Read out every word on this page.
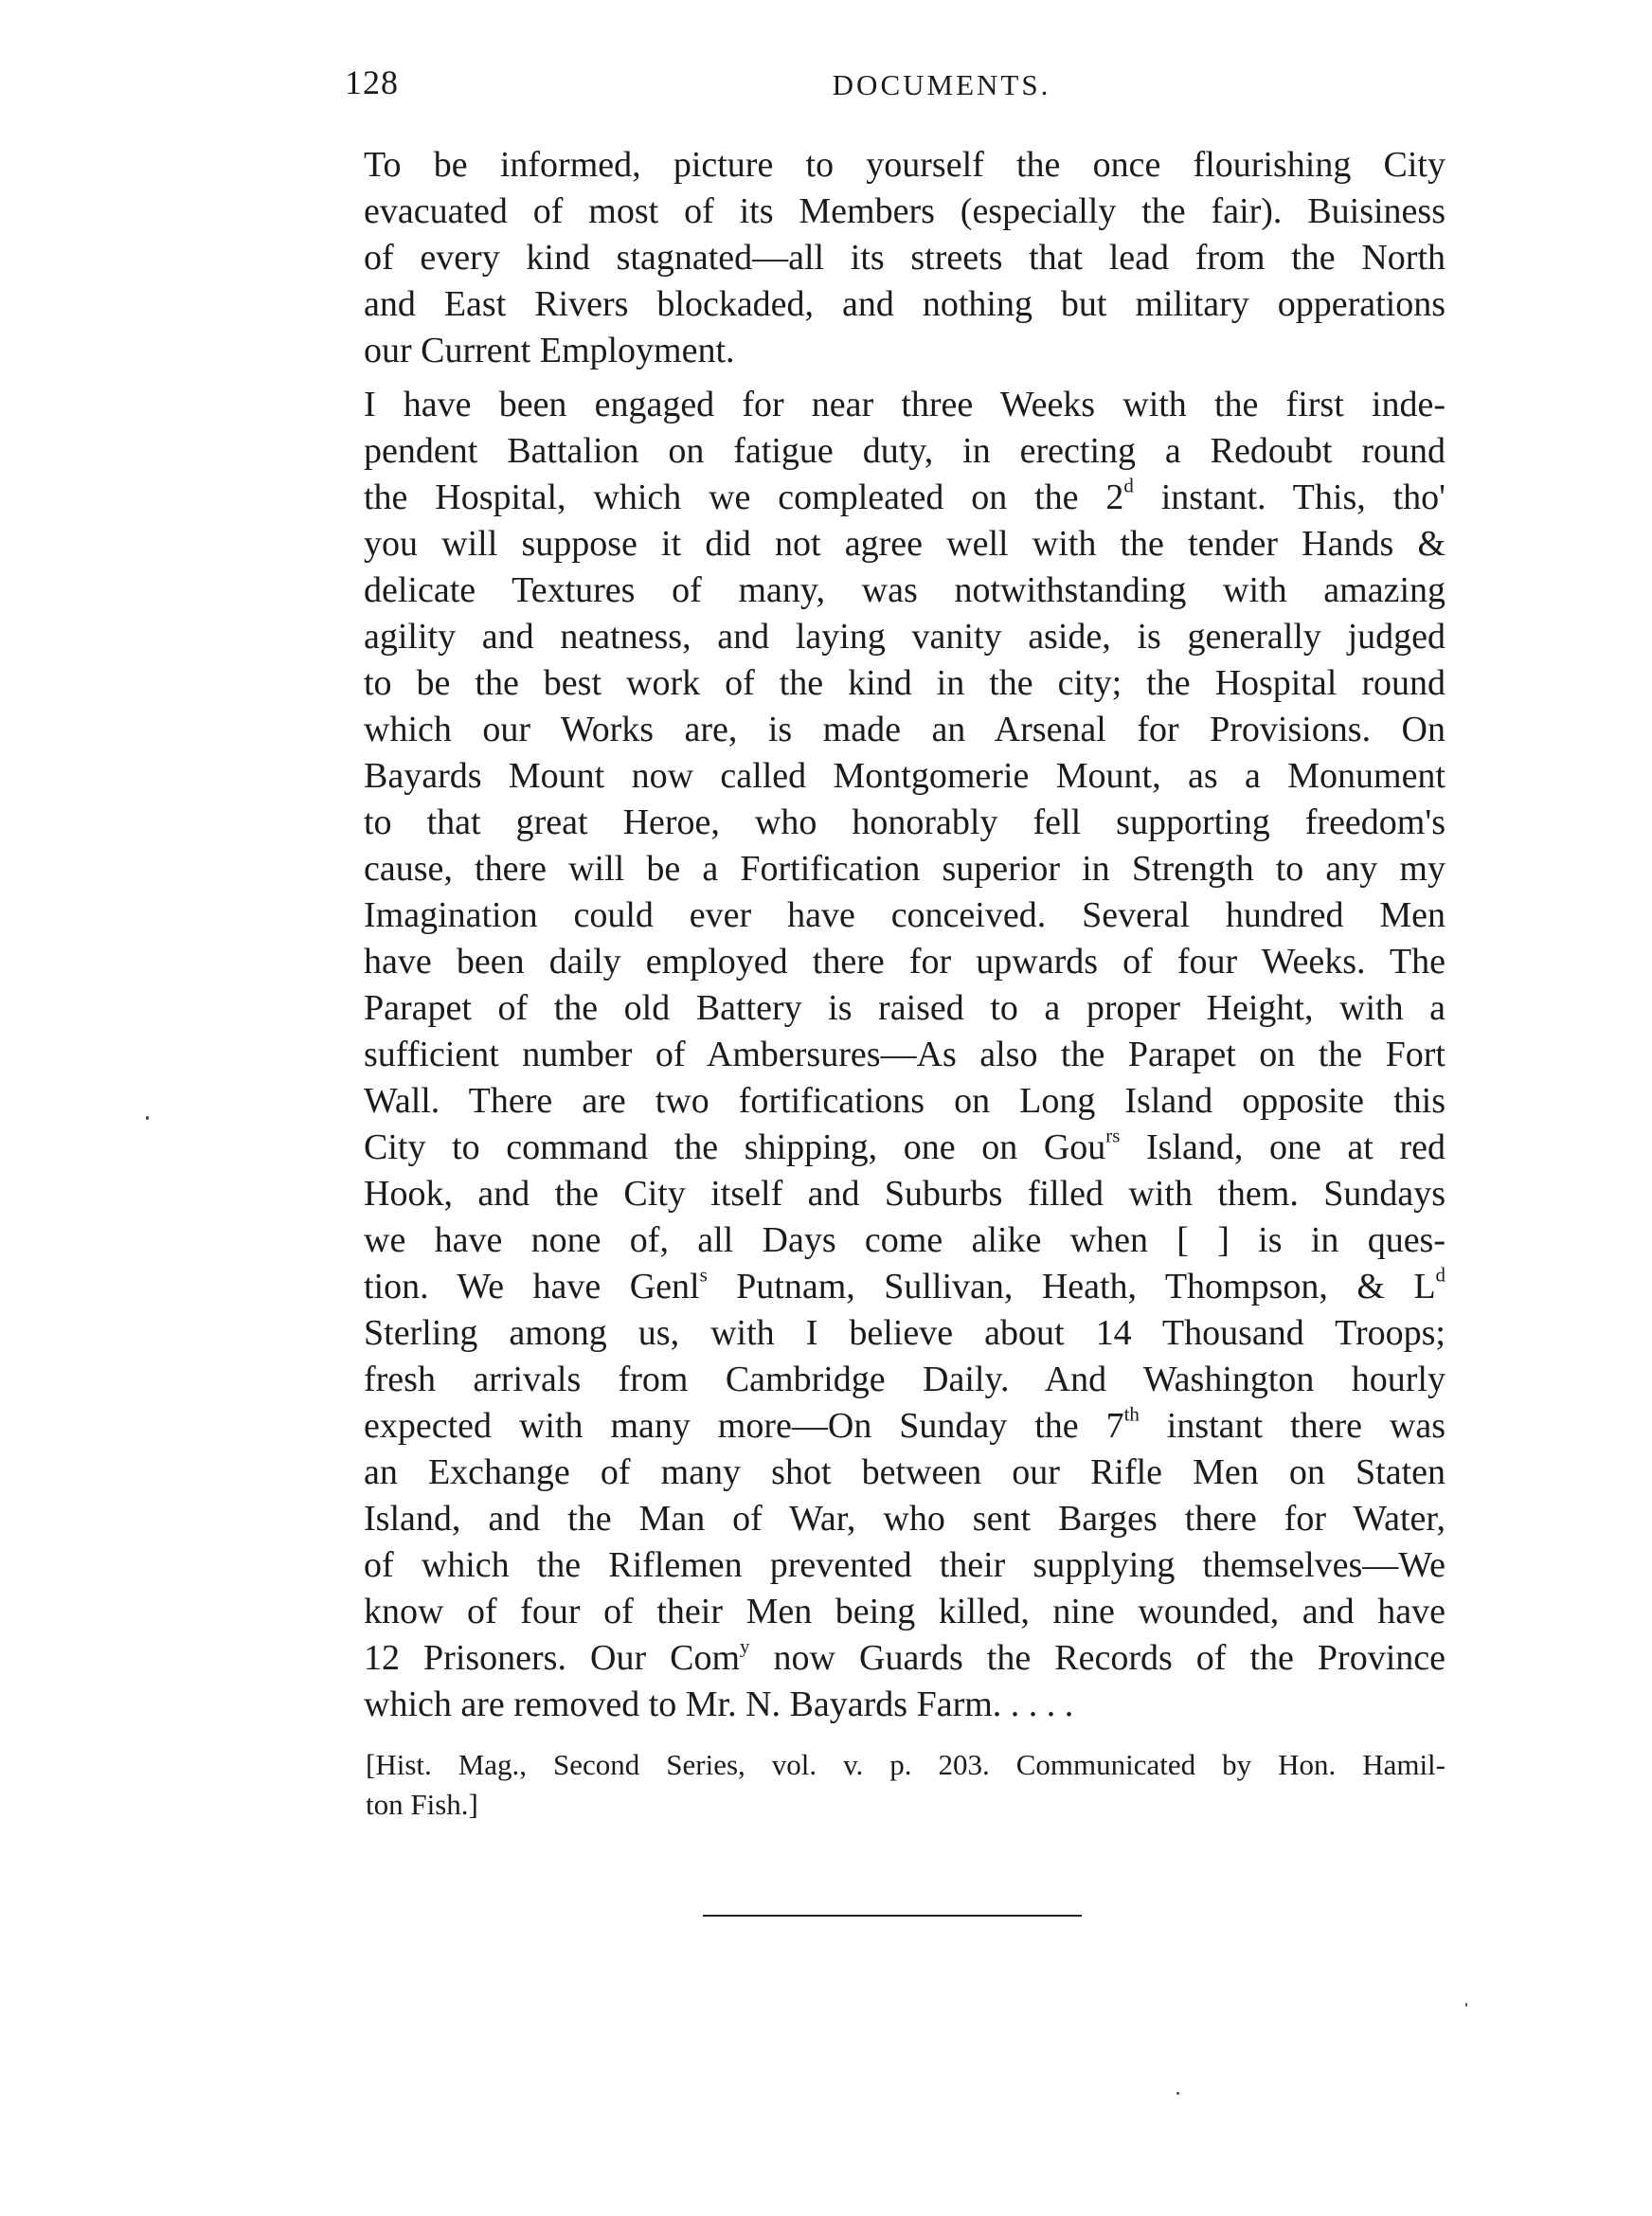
128	DOCUMENTS.
To be informed, picture to yourself the once flourishing City
evacuated of most of its Members (especially the fair). Buisiness
of every kind stagnated—all its streets that lead from the North
and East Rivers blockaded, and nothing but military opperations
our Current Employment.
I have been engaged for near three Weeks with the first inde-
pendent Battalion on fatigue duty, in erecting a Redoubt round
the Hospital, which we compleated on the 2$^d$ instant. This, tho'
you will suppose it did not agree well with the tender Hands &
delicate Textures of many, was notwithstanding with amazing
agility and neatness, and laying vanity aside, is generally judged
to be the best work of the kind in the city; the Hospital round
which our Works are, is made an Arsenal for Provisions. On
Bayards Mount now called Montgomerie Mount, as a Monument
to that great Heroe, who honorably fell supporting freedom's
cause, there will be a Fortification superior in Strength to any my
Imagination could ever have conceived. Several hundred Men
have been daily employed there for upwards of four Weeks. The
Parapet of the old Battery is raised to a proper Height, with a
sufficient number of Ambersures—As also the Parapet on the Fort
Wall. There are two fortifications on Long Island opposite this
City to command the shipping, one on Gou$^{rs}$ Island, one at red
Hook, and the City itself and Suburbs filled with them. Sundays
we have none of, all Days come alike when [ ] is in ques-
tion. We have Genl$^s$ Putnam, Sullivan, Heath, Thompson, & $L^d$
Sterling among us, with I believe about 14 Thousand Troops;
fresh arrivals from Cambridge Daily. And Washington hourly
expected with many more—On Sunday the 7th instant there was
an Exchange of many shot between our Rifle Men on Staten
Island, and the Man of War, who sent Barges there for Water,
of which the Riflemen prevented their supplying themselves—We
know of four of their Men being killed, nine wounded, and have
12 Prisoners. Our Com$^y$ now Guards the Records of the Province
which are removed to Mr. N. Bayards Farm. . . . .
[Hist. Mag., Second Series, vol. v. p. 203. Communicated by Hon. Hamil-
ton Fish.]
